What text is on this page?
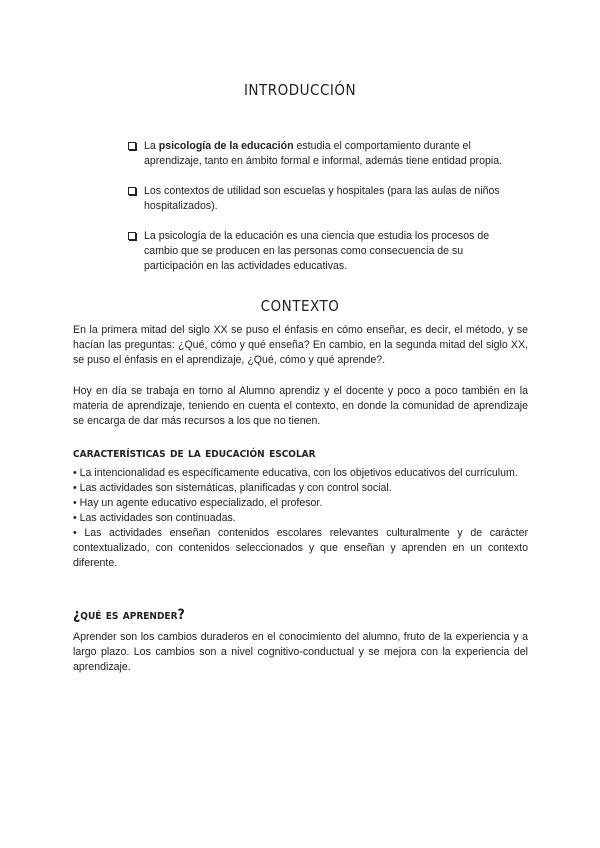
introducción
La psicología de la educación estudia el comportamiento durante el aprendizaje, tanto en ámbito formal e informal, además tiene entidad propia.
Los contextos de utilidad son escuelas y hospitales (para las aulas de niños hospitalizados).
La psicología de la educación es una ciencia que estudia los procesos de cambio que se producen en las personas como consecuencia de su participación en las actividades educativas.
contexto

En la primera mitad del siglo XX se puso el énfasis en cómo enseñar, es decir, el método, y se hacían las preguntas: ¿Qué, cómo y qué enseña? En cambio, en la segunda mitad del siglo XX, se puso el énfasis en el aprendizaje, ¿Qué, cómo y qué aprende?.

Hoy en día se trabaja en torno al Alumno aprendiz y el docente y poco a poco también en la materia de aprendizaje, teniendo en cuenta el contexto, en donde la comunidad de aprendizaje se encarga de dar más recursos a los que no tienen.

características de la educación escolar
• La intencionalidad es específicamente educativa, con los objetivos educativos del currículum.
• Las actividades son sistemáticas, planificadas y con control social.
• Hay un agente educativo especializado, el profesor.
• Las actividades son continuadas.
• Las actividades enseñan contenidos escolares relevantes culturalmente y de carácter contextualizado, con contenidos seleccionados y que enseñan y aprenden en un contexto diferente.
¿qué es aprender?

Aprender son los cambios duraderos en el conocimiento del alumno, fruto de la experiencia y a largo plazo. Los cambios son a nivel cognitivo-conductual y se mejora con la experiencia del aprendizaje.
